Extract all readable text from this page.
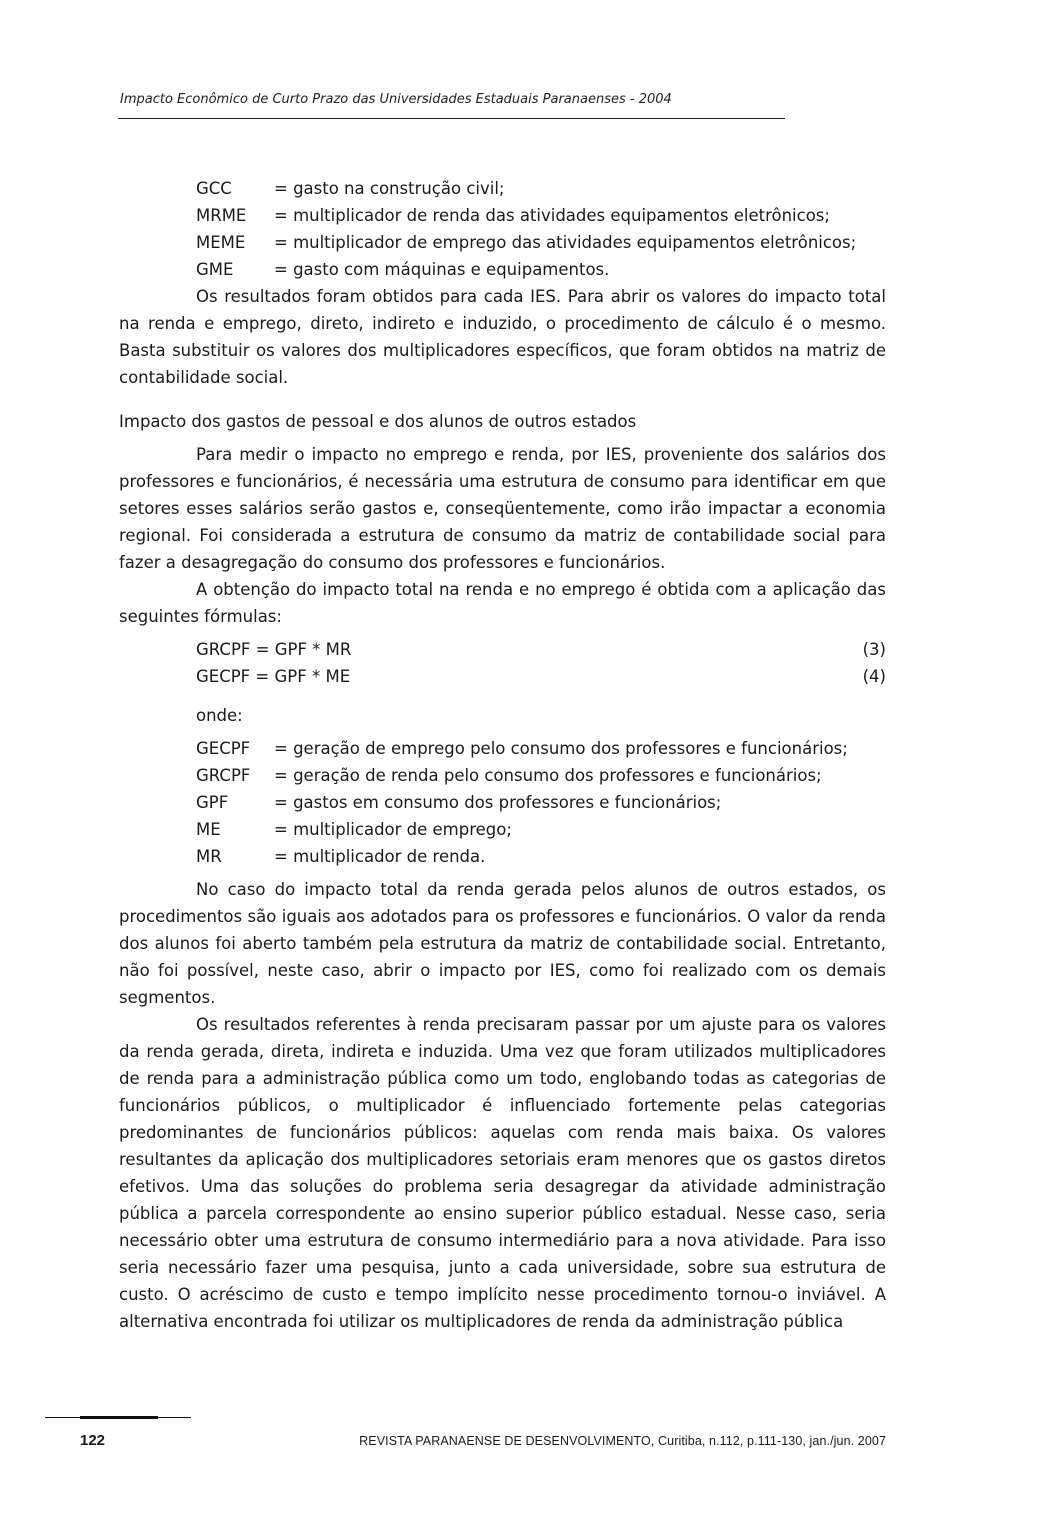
Impacto Econômico de Curto Prazo das Universidades Estaduais Paranaenses - 2004
GCC	= gasto na construção civil;
MRME	= multiplicador de renda das atividades equipamentos eletrônicos;
MEME	= multiplicador de emprego das atividades equipamentos eletrônicos;
GME	= gasto com máquinas e equipamentos.

Os resultados foram obtidos para cada IES. Para abrir os valores do impacto total na renda e emprego, direto, indireto e induzido, o procedimento de cálculo é o mesmo. Basta substituir os valores dos multiplicadores específicos, que foram obtidos na matriz de contabilidade social.

Impacto dos gastos de pessoal e dos alunos de outros estados

Para medir o impacto no emprego e renda, por IES, proveniente dos salários dos professores e funcionários, é necessária uma estrutura de consumo para identificar em que setores esses salários serão gastos e, conseqüentemente, como irão impactar a economia regional. Foi considerada a estrutura de consumo da matriz de contabilidade social para fazer a desagregação do consumo dos professores e funcionários.

A obtenção do impacto total na renda e no emprego é obtida com a aplicação das seguintes fórmulas:

GRCPF = GPF * MR	(3)
GECPF = GPF * ME	(4)
onde:
GECPF	= geração de emprego pelo consumo dos professores e funcionários;
GRCPF	= geração de renda pelo consumo dos professores e funcionários;
GPF	= gastos em consumo dos professores e funcionários;
ME	= multiplicador de emprego;
MR	= multiplicador de renda.

No caso do impacto total da renda gerada pelos alunos de outros estados, os procedimentos são iguais aos adotados para os professores e funcionários. O valor da renda dos alunos foi aberto também pela estrutura da matriz de contabilidade social. Entretanto, não foi possível, neste caso, abrir o impacto por IES, como foi realizado com os demais segmentos.

Os resultados referentes à renda precisaram passar por um ajuste para os valores da renda gerada, direta, indireta e induzida. Uma vez que foram utilizados multiplicadores de renda para a administração pública como um todo, englobando todas as categorias de funcionários públicos, o multiplicador é influenciado fortemente pelas categorias predominantes de funcionários públicos: aquelas com renda mais baixa. Os valores resultantes da aplicação dos multiplicadores setoriais eram menores que os gastos diretos efetivos. Uma das soluções do problema seria desagregar da atividade administração pública a parcela correspondente ao ensino superior público estadual. Nesse caso, seria necessário obter uma estrutura de consumo intermediário para a nova atividade. Para isso seria necessário fazer uma pesquisa, junto a cada universidade, sobre sua estrutura de custo. O acréscimo de custo e tempo implícito nesse procedimento tornou-o inviável. A alternativa encontrada foi utilizar os multiplicadores de renda da administração pública

122	REVISTA PARANAENSE DE DESENVOLVIMENTO, Curitiba, n.112, p.111-130, jan./jun. 2007
